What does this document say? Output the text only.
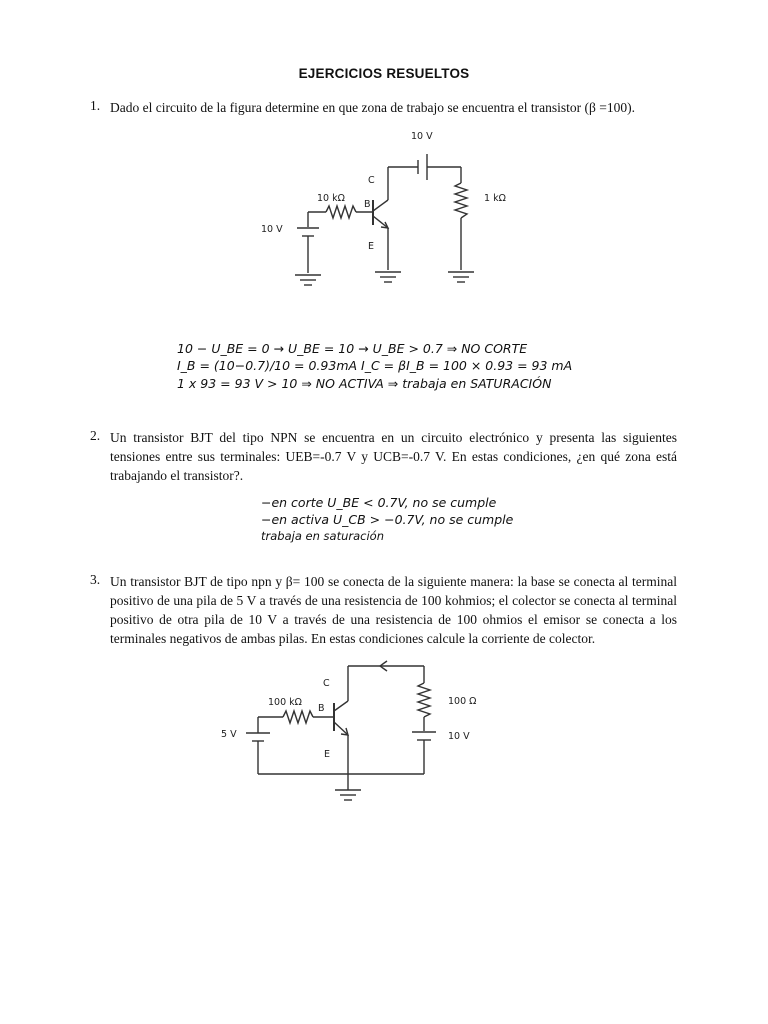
EJERCICIOS RESUELTOS
1. Dado el circuito de la figura determine en que zona de trabajo se encuentra el transistor (β =100).
10 V
C
10 kΩ
B
1 kΩ
10 V
E
10 − U_BE = 0 → U_BE = 10 → U_BE > 0.7 ⇒ NO CORTE
I_B = (10−0.7)/10 = 0.93mA I_C = βI_B = 100 × 0.93 = 93 mA
1 x 93 = 93 V > 10 ⇒ NO ACTIVA ⇒ trabaja en SATURACIÓN
2. Un transistor BJT del tipo NPN se encuentra en un circuito electrónico y presenta las siguientes tensiones entre sus terminales: UEB=-0.7 V y UCB=-0.7 V. En estas condiciones, ¿en qué zona está trabajando el transistor?.
−en corte U_BE < 0.7V, no se cumple
−en activa U_CB > −0.7V, no se cumple
trabaja en saturación
3. Un transistor BJT de tipo npn y β= 100 se conecta de la siguiente manera: la base se conecta al terminal positivo de una pila de 5 V a través de una resistencia de 100 kohmios; el colector se conecta al terminal positivo de otra pila de 10 V a través de una resistencia de 100 ohmios el emisor se conecta a los terminales negativos de ambas pilas. En estas condiciones calcule la corriente de colector.
C
100 kΩ
B
100 Ω
5 V	10 V
E
